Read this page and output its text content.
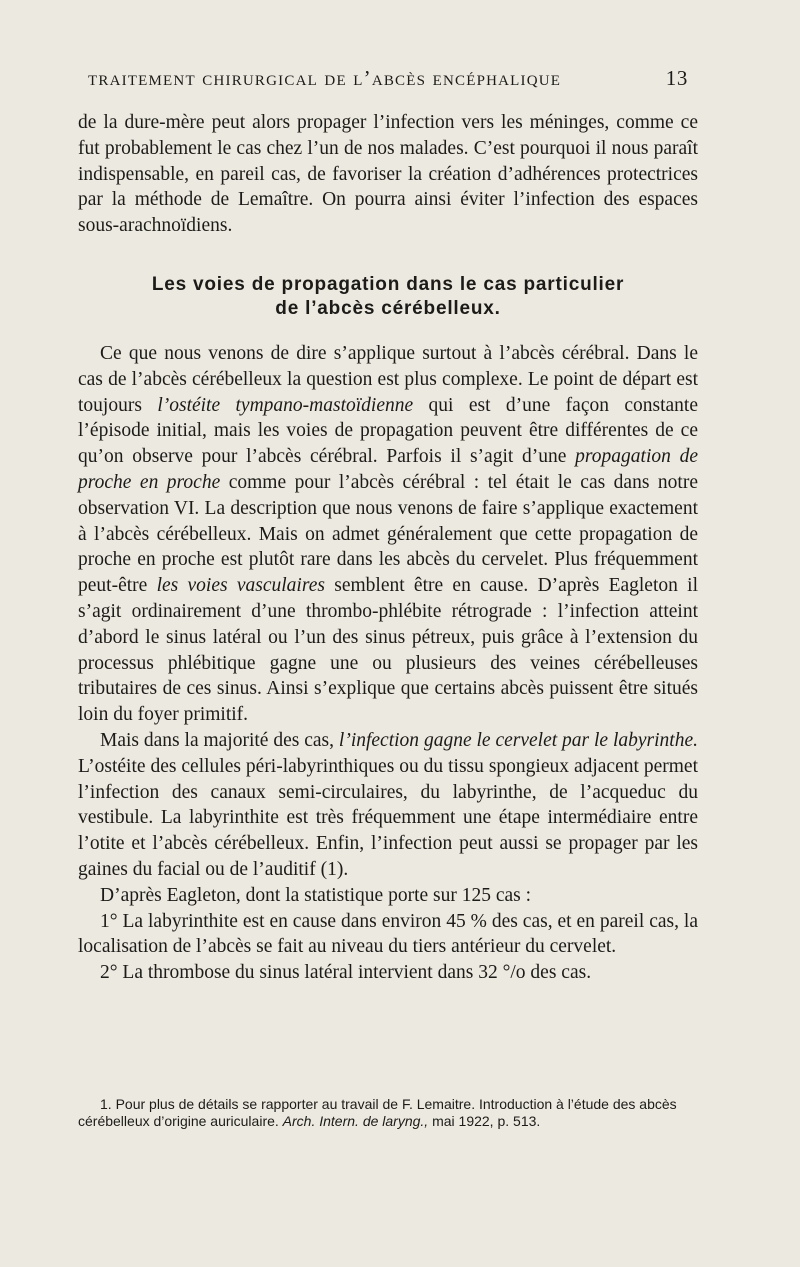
traitement chirurgical de l’abcès encéphalique	13

de la dure-mère peut alors propager l’infection vers les méninges, comme ce fut probablement le cas chez l’un de nos malades. C’est pourquoi il nous paraît indispensable, en pareil cas, de favoriser la création d’adhérences protectrices par la méthode de Lemaître. On pourra ainsi éviter l’infection des espaces sous-arachnoïdiens.

Les voies de propagation dans le cas particulier
de l’abcès cérébelleux.

Ce que nous venons de dire s’applique surtout à l’abcès cérébral. Dans le cas de l’abcès cérébelleux la question est plus complexe. Le point de départ est toujours l’ostéite tympano-mastoïdienne qui est d’une façon constante l’épisode initial, mais les voies de propagation peuvent être différentes de ce qu’on observe pour l’abcès cérébral. Parfois il s’agit d’une propagation de proche en proche comme pour l’abcès cérébral : tel était le cas dans notre observation VI. La description que nous venons de faire s’applique exactement à l’abcès cérébelleux. Mais on admet généralement que cette propagation de proche en proche est plutôt rare dans les abcès du cervelet. Plus fréquemment peut-être les voies vasculaires semblent être en cause. D’après Eagleton il s’agit ordinairement d’une thrombo-phlébite rétrograde : l’infection atteint d’abord le sinus latéral ou l’un des sinus pétreux, puis grâce à l’extension du processus phlébitique gagne une ou plusieurs des veines cérébelleuses tributaires de ces sinus. Ainsi s’explique que certains abcès puissent être situés loin du foyer primitif.

Mais dans la majorité des cas, l’infection gagne le cervelet par le labyrinthe. L’ostéite des cellules péri-labyrinthiques ou du tissu spongieux adjacent permet l’infection des canaux semi-circulaires, du labyrinthe, de l’acqueduc du vestibule. La labyrinthite est très fréquemment une étape intermédiaire entre l’otite et l’abcès cérébelleux. Enfin, l’infection peut aussi se propager par les gaines du facial ou de l’auditif (1).

D’après Eagleton, dont la statistique porte sur 125 cas :

1° La labyrinthite est en cause dans environ 45 % des cas, et en pareil cas, la localisation de l’abcès se fait au niveau du tiers antérieur du cervelet.

2° La thrombose du sinus latéral intervient dans 32 °/o des cas.

1. Pour plus de détails se rapporter au travail de F. Lemaitre. Introduction à l’étude des abcès cérébelleux d’origine auriculaire. Arch. Intern. de laryng., mai 1922, p. 513.
